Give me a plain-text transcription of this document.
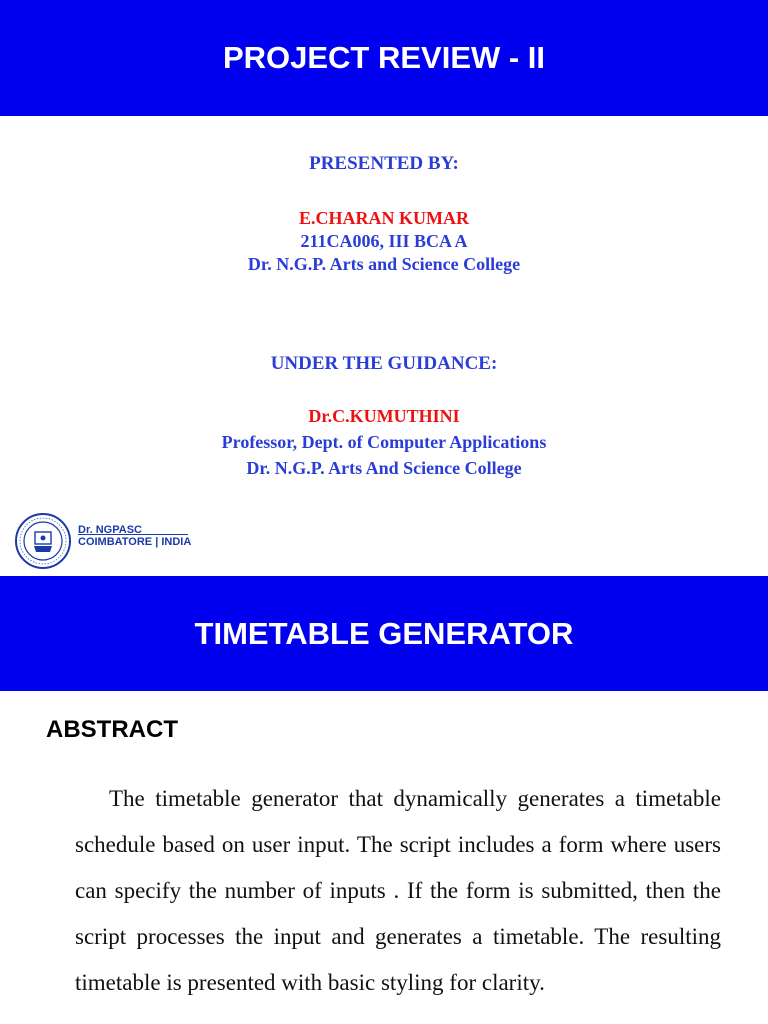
PROJECT REVIEW - II
PRESENTED BY:
E.CHARAN KUMAR
211CA006, III BCA A
Dr. N.G.P. Arts and Science College
UNDER THE GUIDANCE:
Dr.C.KUMUTHINI
Professor, Dept. of Computer Applications
Dr. N.G.P. Arts And Science College
Dr. NGPASC
COIMBATORE | INDIA
TIMETABLE GENERATOR
ABSTRACT
The timetable generator that dynamically generates a timetable schedule based on user input. The script includes a form where users can specify the number of inputs . If the form is submitted, then the script processes the input and generates a timetable. The resulting timetable is presented with basic styling for clarity.
